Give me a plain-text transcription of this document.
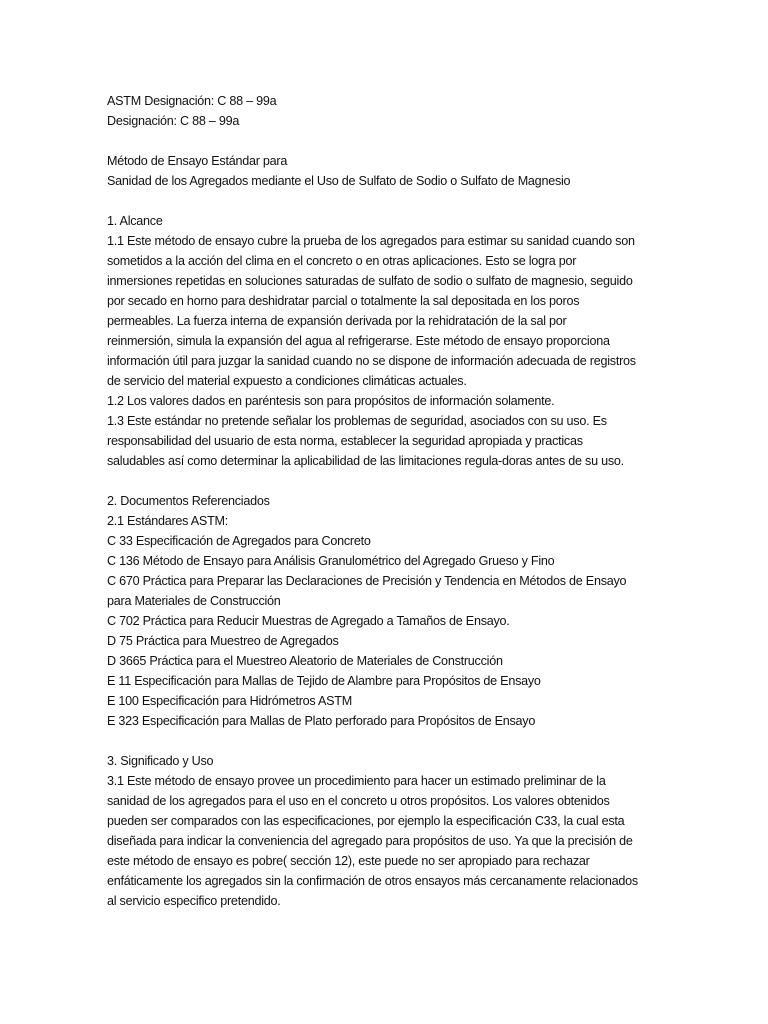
ASTM Designación: C 88 – 99a
Designación: C 88 – 99a
Método de Ensayo Estándar para
Sanidad de los Agregados mediante el Uso de Sulfato de Sodio o Sulfato de Magnesio
1. Alcance
1.1 Este método de ensayo cubre la prueba de los agregados para estimar su sanidad cuando son
sometidos a la acción del clima en el concreto o en otras aplicaciones. Esto se logra por
inmersiones repetidas en soluciones saturadas de sulfato de sodio o sulfato de magnesio, seguido
por secado en horno para deshidratar parcial o totalmente la sal depositada en los poros
permeables. La fuerza interna de expansión derivada por la rehidratación de la sal por
reinmersión, simula la expansión del agua al refrigerarse. Este método de ensayo proporciona
información útil para juzgar la sanidad cuando no se dispone de información adecuada de registros
de servicio del material expuesto a condiciones climáticas actuales.
1.2 Los valores dados en paréntesis son para propósitos de información solamente.
1.3 Este estándar no pretende señalar los problemas de seguridad, asociados con su uso. Es
responsabilidad del usuario de esta norma, establecer la seguridad apropiada y practicas
saludables así como determinar la aplicabilidad de las limitaciones regula-doras antes de su uso.
2. Documentos Referenciados
2.1 Estándares ASTM:
C 33 Especificación de Agregados para Concreto
C 136 Método de Ensayo para Análisis Granulométrico del Agregado Grueso y Fino
C 670 Práctica para Preparar las Declaraciones de Precisión y Tendencia en Métodos de Ensayo
para Materiales de Construcción
C 702 Práctica para Reducir Muestras de Agregado a Tamaños de Ensayo.
D 75 Práctica para Muestreo de Agregados
D 3665 Práctica para el Muestreo Aleatorio de Materiales de Construcción
E 11 Especificación para Mallas de Tejido de Alambre para Propósitos de Ensayo
E 100 Especificación para Hidrómetros ASTM
E 323 Especificación para Mallas de Plato perforado para Propósitos de Ensayo
3. Significado y Uso
3.1 Este método de ensayo provee un procedimiento para hacer un estimado preliminar de la
sanidad de los agregados para el uso en el concreto u otros propósitos. Los valores obtenidos
pueden ser comparados con las especificaciones, por ejemplo la especificación C33, la cual esta
diseñada para indicar la conveniencia del agregado para propósitos de uso. Ya que la precisión de
este método de ensayo es pobre( sección 12), este puede no ser apropiado para rechazar
enfáticamente los agregados sin la confirmación de otros ensayos más cercanamente relacionados
al servicio especifico pretendido.
